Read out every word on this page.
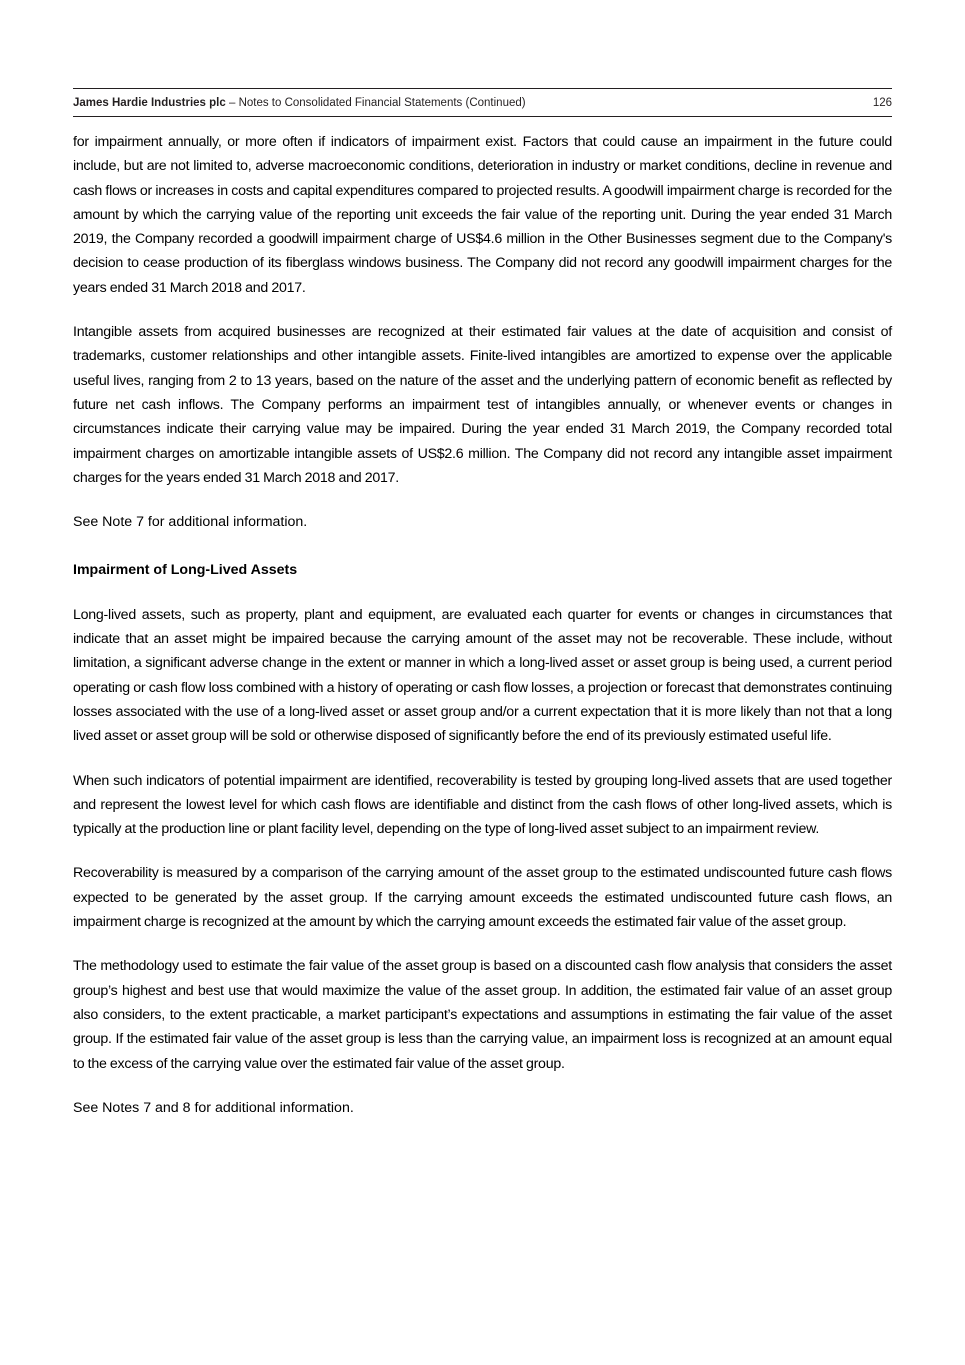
James Hardie Industries plc – Notes to Consolidated Financial Statements (Continued)	126

for impairment annually, or more often if indicators of impairment exist. Factors that could cause an impairment in the future could include, but are not limited to, adverse macroeconomic conditions, deterioration in industry or market conditions, decline in revenue and cash flows or increases in costs and capital expenditures compared to projected results. A goodwill impairment charge is recorded for the amount by which the carrying value of the reporting unit exceeds the fair value of the reporting unit. During the year ended 31 March 2019, the Company recorded a goodwill impairment charge of US$4.6 million in the Other Businesses segment due to the Company's decision to cease production of its fiberglass windows business. The Company did not record any goodwill impairment charges for the years ended 31 March 2018 and 2017.

Intangible assets from acquired businesses are recognized at their estimated fair values at the date of acquisition and consist of trademarks, customer relationships and other intangible assets. Finite-lived intangibles are amortized to expense over the applicable useful lives, ranging from 2 to 13 years, based on the nature of the asset and the underlying pattern of economic benefit as reflected by future net cash inflows. The Company performs an impairment test of intangibles annually, or whenever events or changes in circumstances indicate their carrying value may be impaired. During the year ended 31 March 2019, the Company recorded total impairment charges on amortizable intangible assets of US$2.6 million. The Company did not record any intangible asset impairment charges for the years ended 31 March 2018 and 2017.

See Note 7 for additional information.

Impairment of Long-Lived Assets

Long-lived assets, such as property, plant and equipment, are evaluated each quarter for events or changes in circumstances that indicate that an asset might be impaired because the carrying amount of the asset may not be recoverable. These include, without limitation, a significant adverse change in the extent or manner in which a long-lived asset or asset group is being used, a current period operating or cash flow loss combined with a history of operating or cash flow losses, a projection or forecast that demonstrates continuing losses associated with the use of a long-lived asset or asset group and/or a current expectation that it is more likely than not that a long lived asset or asset group will be sold or otherwise disposed of significantly before the end of its previously estimated useful life.

When such indicators of potential impairment are identified, recoverability is tested by grouping long-lived assets that are used together and represent the lowest level for which cash flows are identifiable and distinct from the cash flows of other long-lived assets, which is typically at the production line or plant facility level, depending on the type of long-lived asset subject to an impairment review.

Recoverability is measured by a comparison of the carrying amount of the asset group to the estimated undiscounted future cash flows expected to be generated by the asset group. If the carrying amount exceeds the estimated undiscounted future cash flows, an impairment charge is recognized at the amount by which the carrying amount exceeds the estimated fair value of the asset group.

The methodology used to estimate the fair value of the asset group is based on a discounted cash flow analysis that considers the asset group’s highest and best use that would maximize the value of the asset group. In addition, the estimated fair value of an asset group also considers, to the extent practicable, a market participant’s expectations and assumptions in estimating the fair value of the asset group. If the estimated fair value of the asset group is less than the carrying value, an impairment loss is recognized at an amount equal to the excess of the carrying value over the estimated fair value of the asset group.

See Notes 7 and 8 for additional information.
